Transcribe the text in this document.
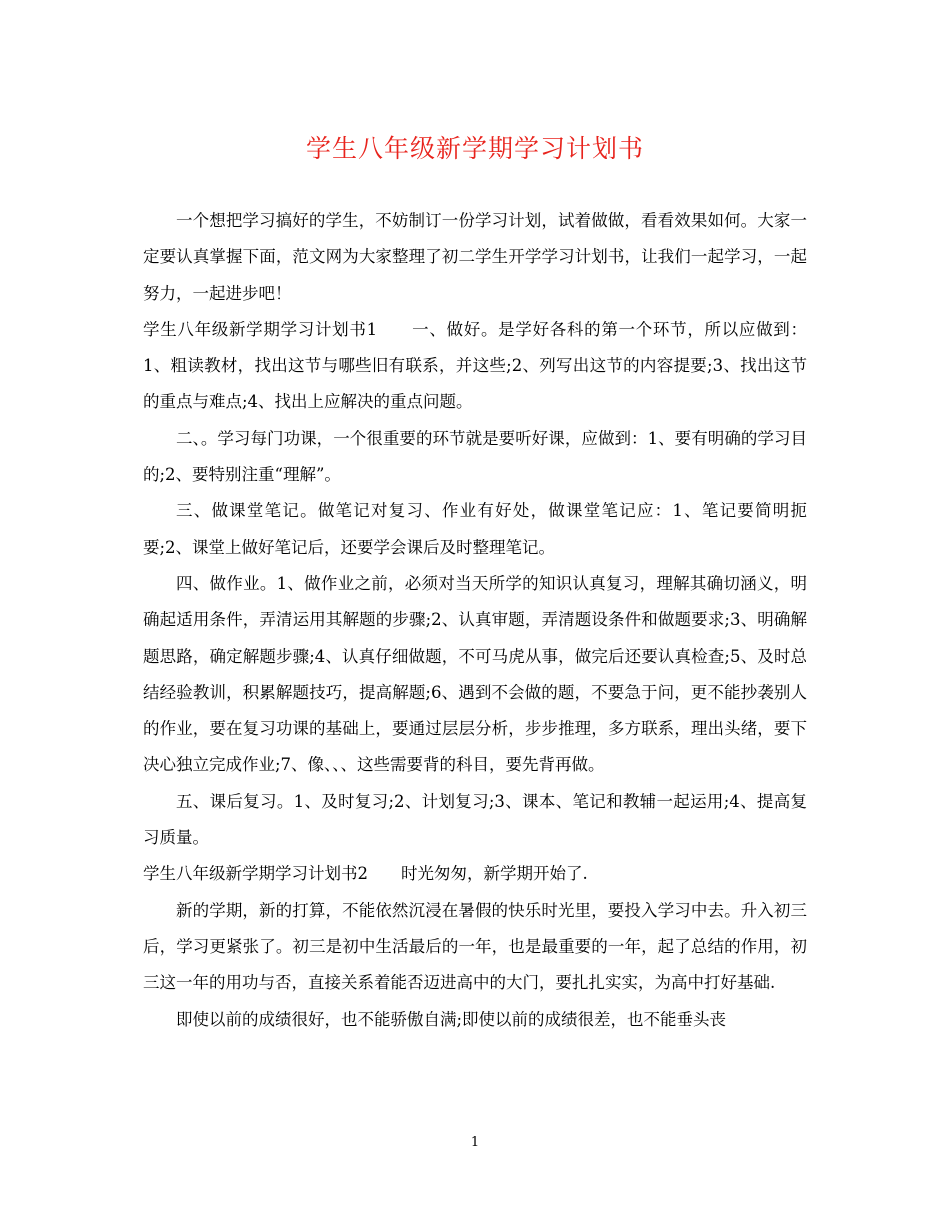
学生八年级新学期学习计划书

一个想把学习搞好的学生，不妨制订一份学习计划，试着做做，看看效果如何。大家一定要认真掌握下面，范文网为大家整理了初二学生开学学习计划书，让我们一起学习，一起努力，一起进步吧！

学生八年级新学期学习计划书1　　一、做好。是学好各科的第一个环节，所以应做到：1、粗读教材，找出这节与哪些旧有联系，并这些;2、列写出这节的内容提要;3、找出这节的重点与难点;4、找出上应解决的重点问题。

二、。学习每门功课，一个很重要的环节就是要听好课，应做到：1、要有明确的学习目的;2、要特别注重“理解”。

三、做课堂笔记。做笔记对复习、作业有好处，做课堂笔记应：1、笔记要简明扼要;2、课堂上做好笔记后，还要学会课后及时整理笔记。

四、做作业。1、做作业之前，必须对当天所学的知识认真复习，理解其确切涵义，明确起适用条件，弄清运用其解题的步骤;2、认真审题，弄清题设条件和做题要求;3、明确解题思路，确定解题步骤;4、认真仔细做题，不可马虎从事，做完后还要认真检查;5、及时总结经验教训，积累解题技巧，提高解题;6、遇到不会做的题，不要急于问，更不能抄袭别人的作业，要在复习功课的基础上，要通过层层分析，步步推理，多方联系，理出头绪，要下决心独立完成作业;7、像、、、这些需要背的科目，要先背再做。

五、课后复习。1、及时复习;2、计划复习;3、课本、笔记和教辅一起运用;4、提高复习质量。

学生八年级新学期学习计划书2　　时光匆匆，新学期开始了.

新的学期，新的打算，不能依然沉浸在暑假的快乐时光里，要投入学习中去。升入初三后，学习更紧张了。初三是初中生活最后的一年，也是最重要的一年，起了总结的作用，初三这一年的用功与否，直接关系着能否迈进高中的大门，要扎扎实实，为高中打好基础.

即使以前的成绩很好，也不能骄傲自满;即使以前的成绩很差，也不能垂头丧

1
